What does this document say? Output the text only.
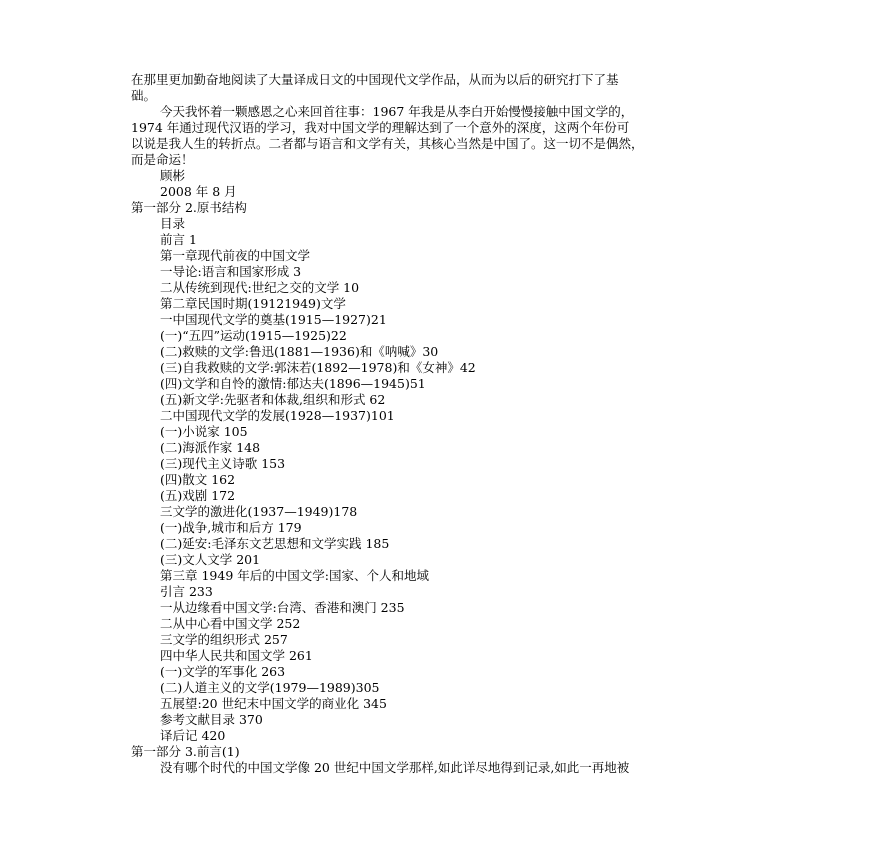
在那里更加勤奋地阅读了大量译成日文的中国现代文学作品，从而为以后的研究打下了基
础。
今天我怀着一颗感恩之心来回首往事：1967 年我是从李白开始慢慢接触中国文学的，
1974 年通过现代汉语的学习，我对中国文学的理解达到了一个意外的深度，这两个年份可
以说是我人生的转折点。二者都与语言和文学有关，其核心当然是中国了。这一切不是偶然，
而是命运！
顾彬
2008 年 8 月
第一部分 2.原书结构
目录
前言 1
第一章现代前夜的中国文学
一导论:语言和国家形成 3
二从传统到现代:世纪之交的文学 10
第二章民国时期(19121949)文学
一中国现代文学的奠基(1915—1927)21
(一)“五四”运动(1915—1925)22
(二)救赎的文学:鲁迅(1881—1936)和《呐喊》30
(三)自我救赎的文学:郭沫若(1892—1978)和《女神》42
(四)文学和自怜的激情:郁达夫(1896—1945)51
(五)新文学:先驱者和体裁,组织和形式 62
二中国现代文学的发展(1928—1937)101
(一)小说家 105
(二)海派作家 148
(三)现代主义诗歌 153
(四)散文 162
(五)戏剧 172
三文学的激进化(1937—1949)178
(一)战争,城市和后方 179
(二)延安:毛泽东文艺思想和文学实践 185
(三)文人文学 201
第三章 1949 年后的中国文学:国家、个人和地域
引言 233
一从边缘看中国文学:台湾、香港和澳门 235
二从中心看中国文学 252
三文学的组织形式 257
四中华人民共和国文学 261
(一)文学的军事化 263
(二)人道主义的文学(1979—1989)305
五展望:20 世纪末中国文学的商业化 345
参考文献目录 370
译后记 420
第一部分 3.前言(1)
没有哪个时代的中国文学像 20 世纪中国文学那样,如此详尽地得到记录,如此一再地被
